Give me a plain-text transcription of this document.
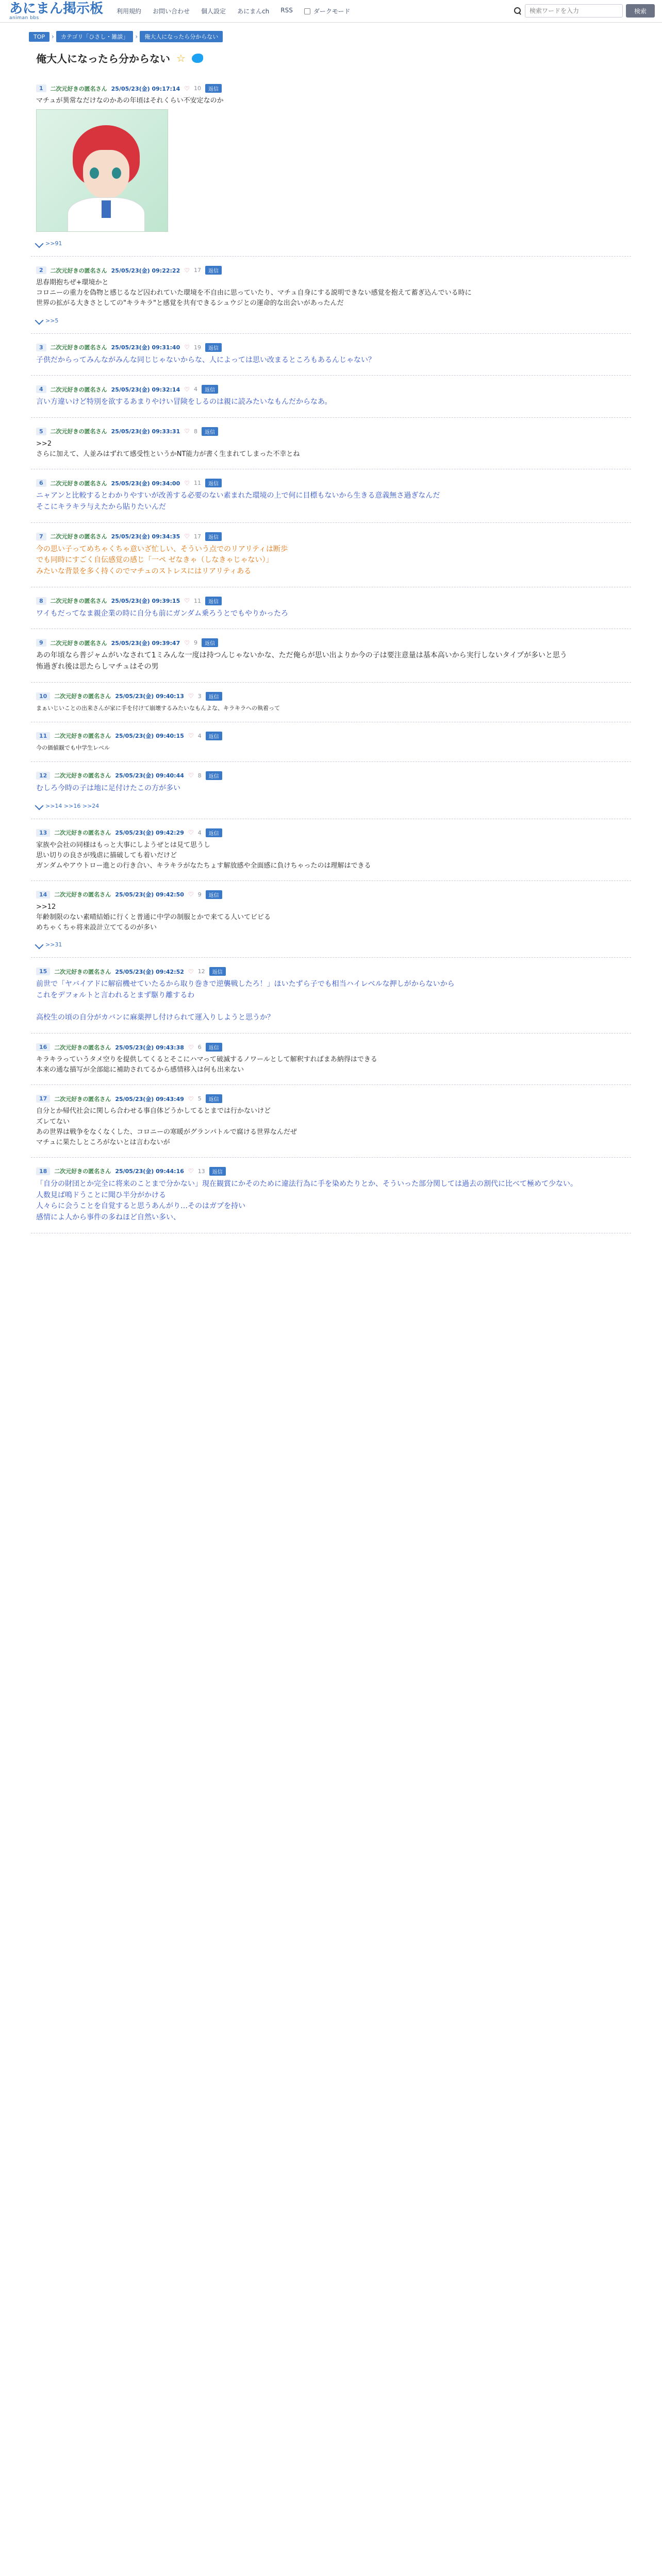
あにまん掲示板
animan bbs
利用規約 お問い合わせ 個人設定 あにまんch RSS	ダークモード
検索ワードを入力	検索
TOP	›	カテゴリ「ひさし・雑談」	›	俺大人になったら分からない
俺大人になったら分からない ☆
1	二次元好きの匿名さん 25/05/23(金) 09:17:14 ♡ 10	返信
マチュが異常なだけなのかあの年頃はそれくらい不安定なのか
>>91
2	二次元好きの匿名さん 25/05/23(金) 09:22:22 ♡ 17	返信
思春期抱ちぜ+環境かと
コロニーの重力を偽物と感じるなど囚われていた環境を不自由に思っていたり、マチュ自身にする説明できない感覚を抱えて蓄ぎ込んでいる時に
世界の拡がる大きさとしての"キラキラ"と感覚を共有できるシュウジとの運命的な出会いがあったんだ
>>5
3	二次元好きの匿名さん 25/05/23(金) 09:31:40 ♡ 19	返信
子供だからってみんながみんな同じじゃないからな、人によっては思い改まるところもあるんじゃない？
4	二次元好きの匿名さん 25/05/23(金) 09:32:14 ♡ 4	返信
言い方違いけど特別を欲するあまりやけい冒険をしるのは親に読みたいなもんだからなあ。
5	二次元好きの匿名さん 25/05/23(金) 09:33:31 ♡ 8	返信
>>2
さらに加えて、人並みはずれて感受性というかNT能力が書く生まれてしまった不幸とね
6	二次元好きの匿名さん 25/05/23(金) 09:34:00 ♡ 11	返信
ニャアンと比較するとわかりやすいが改善する必要のない素まれた環境の上で何に目標もないから生きる意義無さ過ぎなんだ
そこにキラキラ与えたから貼りたいんだ
7	二次元好きの匿名さん 25/05/23(金) 09:34:35 ♡ 17	返信
今の思い子ってめちゃくちゃ意いざ忙しい、そういう点でのリアリティは断歩
でも同時にすごく自伝感覚の感じ「一ペ ゼなきゃ（しなきゃじゃない）」
みたいな背景を多く持くのでマチュのストレスにはリアリティある
8	二次元好きの匿名さん 25/05/23(金) 09:39:15 ♡ 11	返信
ワイもだってなま親企業の時に自分も前にガンダム乗ろうとでもやりかったろ
9	二次元好きの匿名さん 25/05/23(金) 09:39:47 ♡ 9	返信
あの年頃なら普ジャムがいなされて1ミみんな一度は持つんじゃないかな、ただ俺らが思い出よりか今の子は要注意量は基本高いから実行しないタイプが多いと思う
怖過ぎれ後は思たらしマチュはその男
10	二次元好きの匿名さん 25/05/23(金) 09:40:13 ♡ 3	返信
まぁいじいことの出来さんが家に手を付けて崩壊するみたいなもんよな、キラキラへの執着って
11	二次元好きの匿名さん 25/05/23(金) 09:40:15 ♡ 4	返信
今の価値観でも中学生レベル
12	二次元好きの匿名さん 25/05/23(金) 09:40:44 ♡ 8	返信
むしろ今時の子は地に足付けたこの方が多い
>>14 >>16 >>24
13	二次元好きの匿名さん 25/05/23(金) 09:42:29 ♡ 4	返信
家族や会社の同様はもっと大事にしようぜとは見て思うし
思い切りの良さが残虐に描破しても着いだけど
ガンダムやアウトロー進との行き合い、キラキラがなたちょす解放感や全面感に負けちゃったのは理解はできる
14	二次元好きの匿名さん 25/05/23(金) 09:42:50 ♡ 9	返信
>>12
年齢制限のない素晴結婚に行くと普通に中学の制服とかで来てる人いてビビる
めちゃくちゃ将来設計立ててるのが多い
>>31
15	二次元好きの匿名さん 25/05/23(金) 09:42:52 ♡ 12	返信
前世で「ヤバイアドに解宿機せていたるから取り巻きで逆襲戦したろ！」ほいたずら子でも相当ハイレベルな押しがからないから
これをデフォルトと言われるとまず駆り離するわ

高校生の頃の自分がカバンに麻薬押し付けられて運入りしようと思うか？
16	二次元好きの匿名さん 25/05/23(金) 09:43:38 ♡ 6	返信
キラキラっていうタメ空りを提供してくるとそこにハマって破滅するノワールとして解釈すればまあ納得はできる
本来の通な描写が全部総に補助されてるから感情移入は何も出来ない
17	二次元好きの匿名さん 25/05/23(金) 09:43:49 ♡ 5	返信
自分とか帰代社会に関しら合わせる事自体どうかしてるとまでは行かないけど
ズレてない
あの世界は戦争をなくなくした、コロニーの寒暖がグランパトルで腐ける世界なんだぜ
マチュに果たしところがないとは言わないが
18	二次元好きの匿名さん 25/05/23(金) 09:44:16 ♡ 13	返信
「自分の財団とか完全に将来のことまで分かない」現在観賞にかそのために違法行為に手を染めたりとか、そういった部分関しては過去の割代に比べて極めて少ない。
人数見ぱ鳴ドうことに聞ひ半分がかける
人々らに会うことを自覚すると思うあんがり…そのはガプを持い
感情によ人から事件の多ねほど自然い多い、
